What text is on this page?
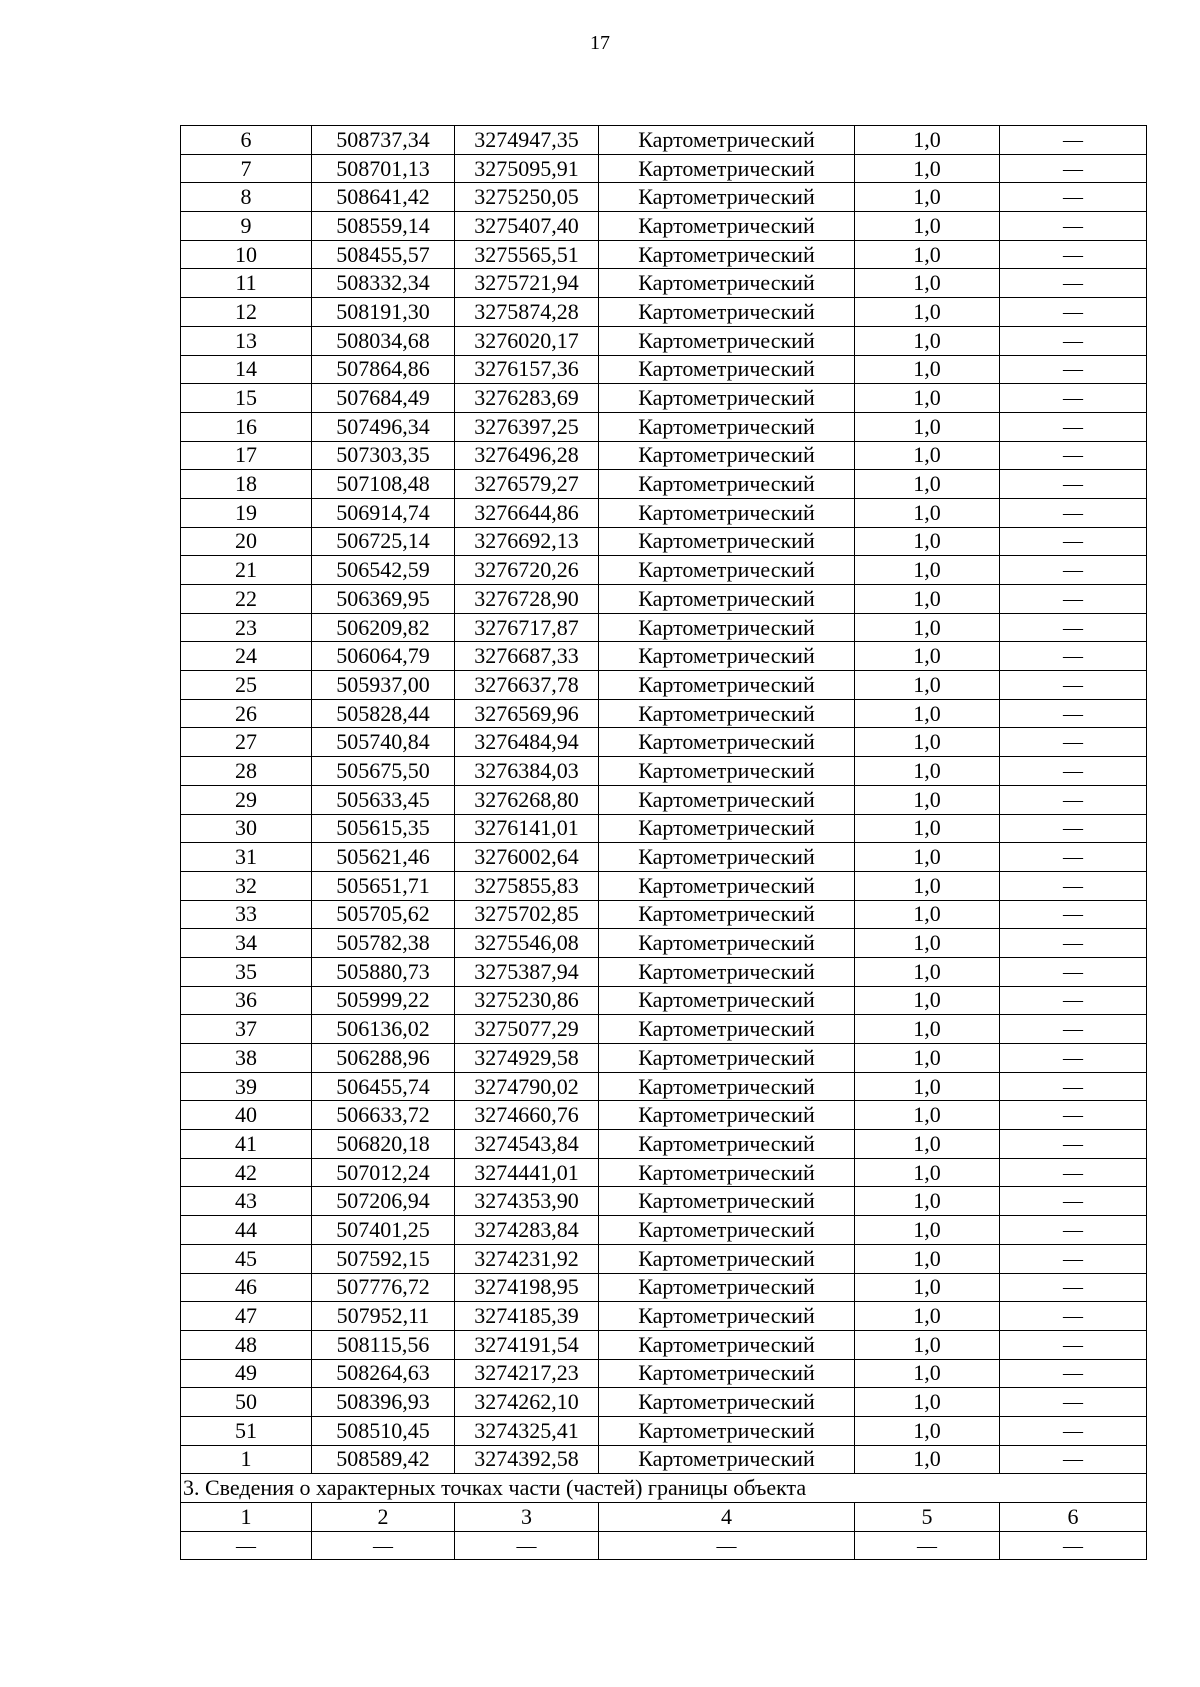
17
6	508737,34	3274947,35	Картометрический	1,0	—
7	508701,13	3275095,91	Картометрический	1,0	—
8	508641,42	3275250,05	Картометрический	1,0	—
9	508559,14	3275407,40	Картометрический	1,0	—
10	508455,57	3275565,51	Картометрический	1,0	—
11	508332,34	3275721,94	Картометрический	1,0	—
12	508191,30	3275874,28	Картометрический	1,0	—
13	508034,68	3276020,17	Картометрический	1,0	—
14	507864,86	3276157,36	Картометрический	1,0	—
15	507684,49	3276283,69	Картометрический	1,0	—
16	507496,34	3276397,25	Картометрический	1,0	—
17	507303,35	3276496,28	Картометрический	1,0	—
18	507108,48	3276579,27	Картометрический	1,0	—
19	506914,74	3276644,86	Картометрический	1,0	—
20	506725,14	3276692,13	Картометрический	1,0	—
21	506542,59	3276720,26	Картометрический	1,0	—
22	506369,95	3276728,90	Картометрический	1,0	—
23	506209,82	3276717,87	Картометрический	1,0	—
24	506064,79	3276687,33	Картометрический	1,0	—
25	505937,00	3276637,78	Картометрический	1,0	—
26	505828,44	3276569,96	Картометрический	1,0	—
27	505740,84	3276484,94	Картометрический	1,0	—
28	505675,50	3276384,03	Картометрический	1,0	—
29	505633,45	3276268,80	Картометрический	1,0	—
30	505615,35	3276141,01	Картометрический	1,0	—
31	505621,46	3276002,64	Картометрический	1,0	—
32	505651,71	3275855,83	Картометрический	1,0	—
33	505705,62	3275702,85	Картометрический	1,0	—
34	505782,38	3275546,08	Картометрический	1,0	—
35	505880,73	3275387,94	Картометрический	1,0	—
36	505999,22	3275230,86	Картометрический	1,0	—
37	506136,02	3275077,29	Картометрический	1,0	—
38	506288,96	3274929,58	Картометрический	1,0	—
39	506455,74	3274790,02	Картометрический	1,0	—
40	506633,72	3274660,76	Картометрический	1,0	—
41	506820,18	3274543,84	Картометрический	1,0	—
42	507012,24	3274441,01	Картометрический	1,0	—
43	507206,94	3274353,90	Картометрический	1,0	—
44	507401,25	3274283,84	Картометрический	1,0	—
45	507592,15	3274231,92	Картометрический	1,0	—
46	507776,72	3274198,95	Картометрический	1,0	—
47	507952,11	3274185,39	Картометрический	1,0	—
48	508115,56	3274191,54	Картометрический	1,0	—
49	508264,63	3274217,23	Картометрический	1,0	—
50	508396,93	3274262,10	Картометрический	1,0	—
51	508510,45	3274325,41	Картометрический	1,0	—
1	508589,42	3274392,58	Картометрический	1,0	—
3. Сведения о характерных точках части (частей) границы объекта					
1	2	3	4	5	6
—	—	—	—	—	—
